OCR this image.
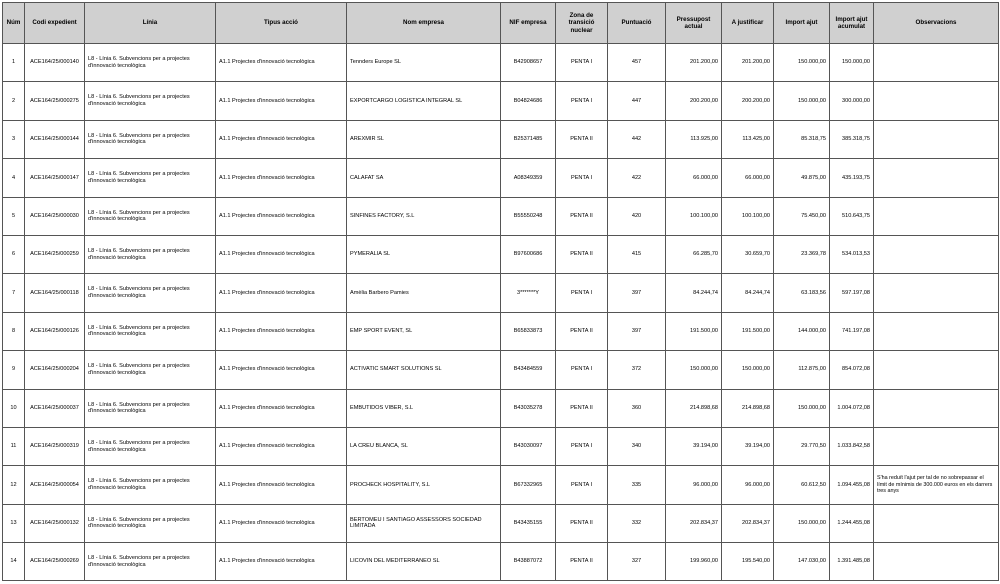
Núm	Codi expedient	Línia	Tipus acció	Nom empresa	NIF empresa	Zona de transició nuclear	Puntuació	Pressupost actual	A justificar	Import ajut	Import ajut acumulat	Observacions
1	ACE164/25/000140	L8 - Línia 6. Subvencions per a projectes d'innovació tecnològica	A1.1 Projectes d'innovació tecnològica	Tennders Europe SL	B42908657	PENTA I	457	201.200,00	201.200,00	150.000,00	150.000,00	
2	ACE164/25/000275	L8 - Línia 6. Subvencions per a projectes d'innovació tecnològica	A1.1 Projectes d'innovació tecnològica	EXPORTCARGO LOGISTICA INTEGRAL SL	B04824686	PENTA I	447	200.200,00	200.200,00	150.000,00	300.000,00	
3	ACE164/25/000144	L8 - Línia 6. Subvencions per a projectes d'innovació tecnològica	A1.1 Projectes d'innovació tecnològica	AREXMIR SL	B25371485	PENTA II	442	113.925,00	113.425,00	85.318,75	385.318,75	
4	ACE164/25/000147	L8 - Línia 6. Subvencions per a projectes d'innovació tecnològica	A1.1 Projectes d'innovació tecnològica	CALAFAT SA	A08349359	PENTA I	422	66.000,00	66.000,00	49.875,00	435.193,75	
5	ACE164/25/000030	L8 - Línia 6. Subvencions per a projectes d'innovació tecnològica	A1.1 Projectes d'innovació tecnològica	SINFINES FACTORY, S.L	B55550248	PENTA II	420	100.100,00	100.100,00	75.450,00	510.643,75	
6	ACE164/25/000259	L8 - Línia 6. Subvencions per a projectes d'innovació tecnològica	A1.1 Projectes d'innovació tecnològica	PYMERALIA SL	B97600686	PENTA II	415	66.285,70	30.659,70	23.369,78	534.013,53	
7	ACE164/25/000118	L8 - Línia 6. Subvencions per a projectes d'innovació tecnològica	A1.1 Projectes d'innovació tecnològica	Amèlia Barbero Pamies	3*******Y	PENTA I	397	84.244,74	84.244,74	63.183,56	597.197,08	
8	ACE164/25/000126	L8 - Línia 6. Subvencions per a projectes d'innovació tecnològica	A1.1 Projectes d'innovació tecnològica	EMP SPORT EVENT, SL	B65833873	PENTA II	397	191.500,00	191.500,00	144.000,00	741.197,08	
9	ACE164/25/000204	L8 - Línia 6. Subvencions per a projectes d'innovació tecnològica	A1.1 Projectes d'innovació tecnològica	ACTIVATIC SMART SOLUTIONS SL	B43484559	PENTA I	372	150.000,00	150.000,00	112.875,00	854.072,08	
10	ACE164/25/000037	L8 - Línia 6. Subvencions per a projectes d'innovació tecnològica	A1.1 Projectes d'innovació tecnològica	EMBUTIDOS VIBER, S.L	B43035278	PENTA II	360	214.898,68	214.898,68	150.000,00	1.004.072,08	
11	ACE164/25/000319	L8 - Línia 6. Subvencions per a projectes d'innovació tecnològica	A1.1 Projectes d'innovació tecnològica	LA CREU BLANCA, SL	B43030097	PENTA I	340	39.194,00	39.194,00	29.770,50	1.033.842,58	
12	ACE164/25/000054	L8 - Línia 6. Subvencions per a projectes d'innovació tecnològica	A1.1 Projectes d'innovació tecnològica	PROCHECK HOSPITALITY, S.L	B67332965	PENTA I	335	96.000,00	96.000,00	60.612,50	1.094.455,08	S'ha reduït l'ajut per tal de no sobrepassar el límit de mínimis de 300.000 euros en els darrers tres anys
13	ACE164/25/000132	L8 - Línia 6. Subvencions per a projectes d'innovació tecnològica	A1.1 Projectes d'innovació tecnològica	BERTOMEU I SANTIAGO ASSESSORS SOCIEDAD LIMITADA	B43435155	PENTA II	332	202.834,37	202.834,37	150.000,00	1.244.455,08	
14	ACE164/25/000269	L8 - Línia 6. Subvencions per a projectes d'innovació tecnològica	A1.1 Projectes d'innovació tecnològica	LICOVIN DEL MEDITERRANEO SL	B43887072	PENTA II	327	199.960,00	195.540,00	147.030,00	1.391.485,08	
